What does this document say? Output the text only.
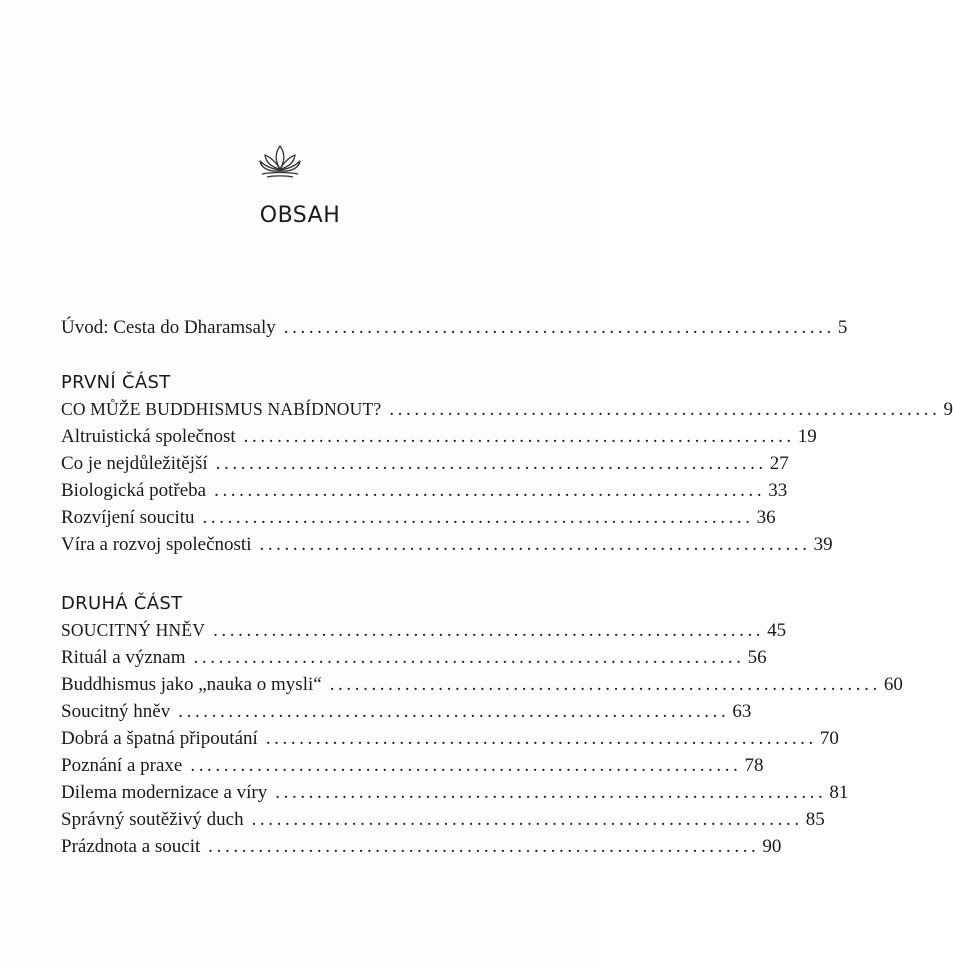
OBSAH
Úvod: Cesta do Dharamsaly .................................................................. 5
PRVNÍ ČÁST
CO MŮŽE BUDDHISMUS NABÍDNOUT? .................................................................. 9
Altruistická společnost .................................................................. 19
Co je nejdůležitější .................................................................. 27
Biologická potřeba .................................................................. 33
Rozvíjení soucitu .................................................................. 36
Víra a rozvoj společnosti .................................................................. 39
DRUHÁ ČÁST
SOUCITNÝ HNĚV .................................................................. 45
Rituál a význam .................................................................. 56
Buddhismus jako „nauka o mysli“ .................................................................. 60
Soucitný hněv .................................................................. 63
Dobrá a špatná připoutání .................................................................. 70
Poznání a praxe .................................................................. 78
Dilema modernizace a víry .................................................................. 81
Správný soutěživý duch .................................................................. 85
Prázdnota a soucit .................................................................. 90
